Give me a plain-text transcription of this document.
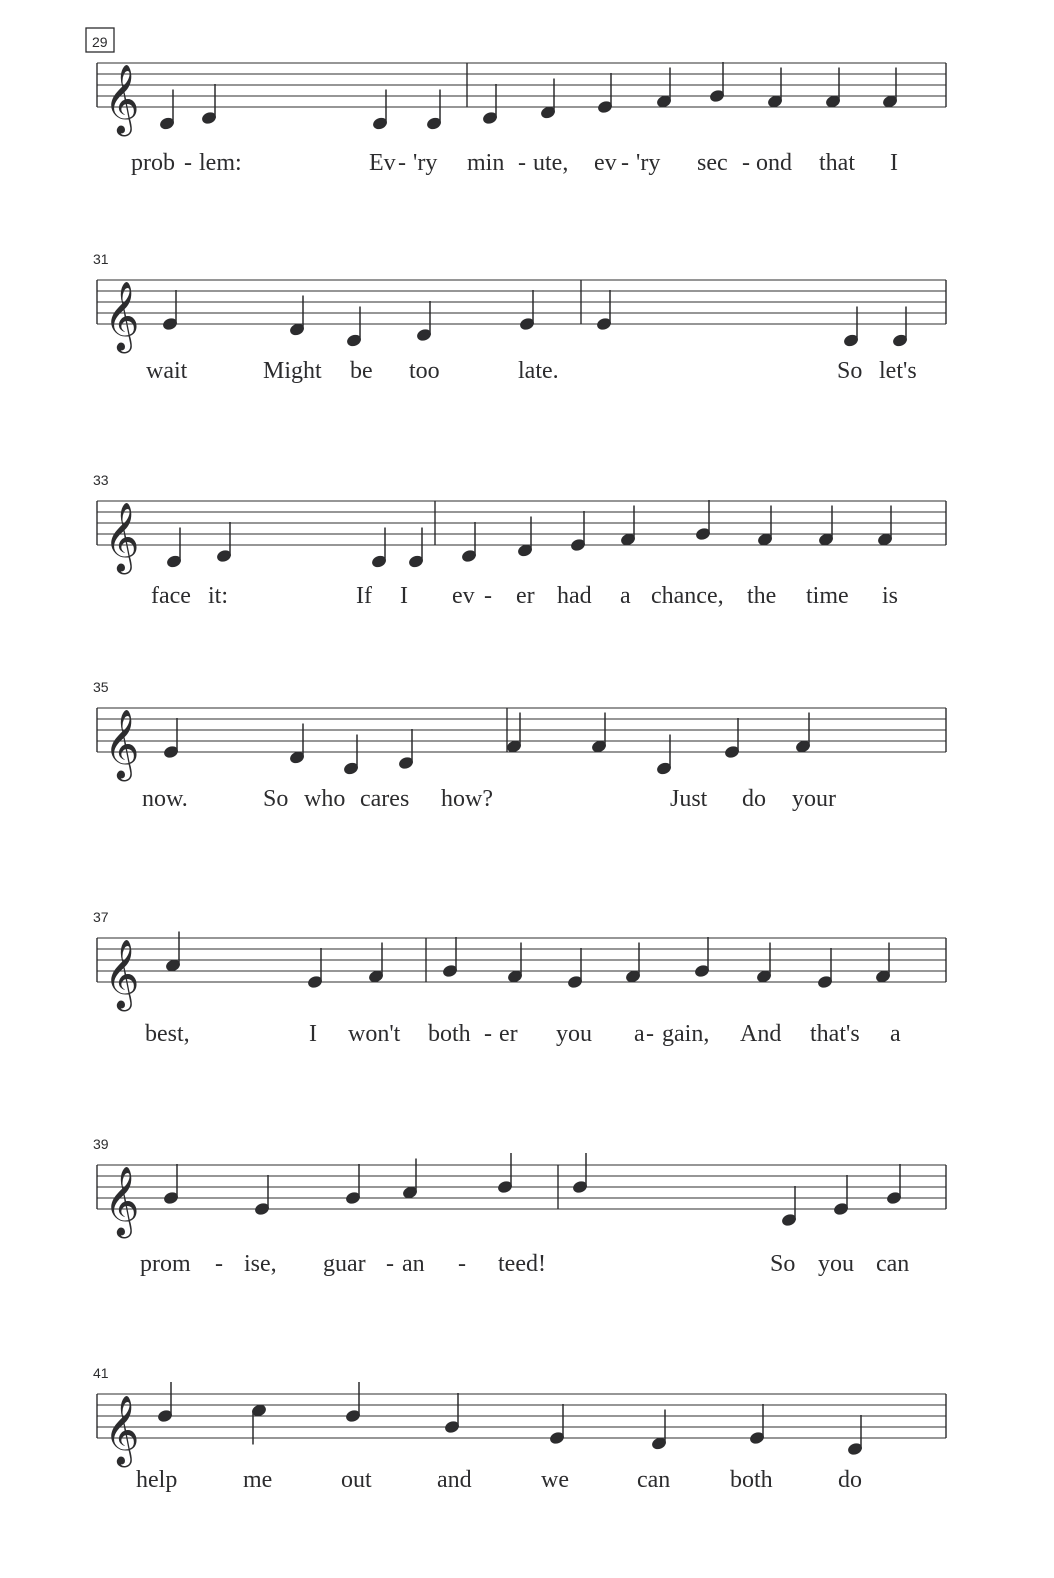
𝄞
29
prob - lem:	Ev - 'ry min - ute, ev - 'ry sec - ond that I
𝄞
31
wait	Might be too	late.	So let's
𝄞
33
face it:	If I ev - er had a chance, the time is
𝄞
35
now.	So who cares how?	Just do your
𝄞
37
best,	I won't both - er you a - gain, And that's a
𝄞
39
prom - ise, guar - an - teed!	So you can
𝄞
41
help	me	out	and	we	can both	do
